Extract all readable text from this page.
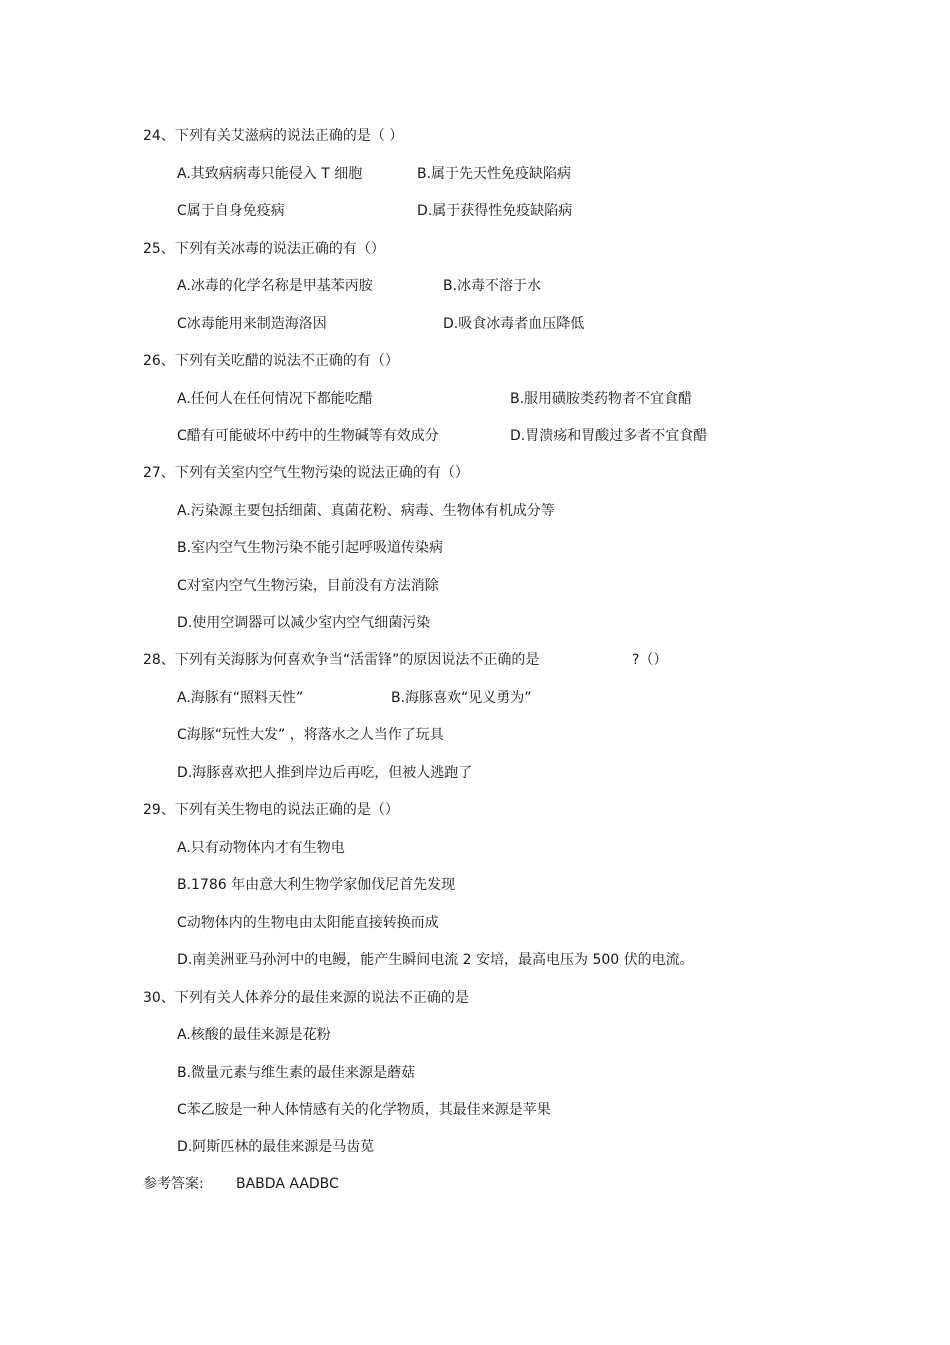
24、下列有关艾滋病的说法正确的是（ ）
A.其致病病毒只能侵入 T 细胞	B.属于先天性免疫缺陷病
C属于自身免疫病	D.属于获得性免疫缺陷病
25、下列有关冰毒的说法正确的有（）
A.冰毒的化学名称是甲基苯丙胺	B.冰毒不溶于水
C冰毒能用来制造海洛因	D.吸食冰毒者血压降低
26、下列有关吃醋的说法不正确的有（）
A.任何人在任何情况下都能吃醋	B.服用磺胺类药物者不宜食醋
C醋有可能破坏中药中的生物碱等有效成分	D.胃溃疡和胃酸过多者不宜食醋
27、下列有关室内空气生物污染的说法正确的有（）
A.污染源主要包括细菌、真菌花粉、病毒、生物体有机成分等
B.室内空气生物污染不能引起呼吸道传染病
C对室内空气生物污染，目前没有方法消除
D.使用空调器可以减少室内空气细菌污染
28、下列有关海豚为何喜欢争当“活雷锋”的原因说法不正确的是	?（）
A.海豚有“照料天性”	B.海豚喜欢“见义勇为”
C海豚“玩性大发” ，将落水之人当作了玩具
D.海豚喜欢把人推到岸边后再吃，但被人逃跑了
29、下列有关生物电的说法正确的是（）
A.只有动物体内才有生物电
B.1786 年由意大利生物学家伽伐尼首先发现
C动物体内的生物电由太阳能直接转换而成
D.南美洲亚马孙河中的电鳗，能产生瞬间电流 2 安培，最高电压为 500 伏的电流。
30、下列有关人体养分的最佳来源的说法不正确的是
A.核酸的最佳来源是花粉
B.微量元素与维生素的最佳来源是蘑菇
C苯乙胺是一种人体情感有关的化学物质，其最佳来源是苹果
D.阿斯匹林的最佳来源是马齿苋
参考答案: BABDA AADBC
